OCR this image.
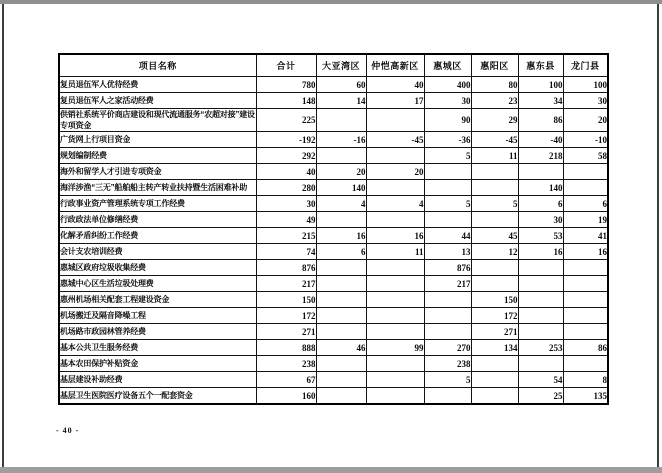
项目名称	合计	大亚湾区	仲恺高新区	惠城区	惠阳区	惠东县	龙门县
复员退伍军人优待经费	780	60	40	400	80	100	100
复员退伍军人之家活动经费	148	14	17	30	23	34	30
供销社系统平价商店建设和现代流通服务“农超对接”建设专项资金	225			90	29	86	20
广货网上行项目资金	-192	-16	-45	-36	-45	-40	-10
规划编制经费	292			5	11	218	58
海外和留学人才引进专项资金	40	20	20				
海洋涉渔“三无”船舶船主转产转业扶持暨生活困难补助	280	140				140	
行政事业资产管理系统专项工作经费	30	4	4	5	5	6	6
行政政法单位修缮经费	49					30	19
化解矛盾纠纷工作经费	215	16	16	44	45	53	41
会计支农培训经费	74	6	11	13	12	16	16
惠城区政府垃圾收集经费	876			876			
惠城中心区生活垃圾处理费	217			217			
惠州机场相关配套工程建设资金	150				150		
机场搬迁及隔音降噪工程	172				172		
机场路市政园林管养经费	271				271		
基本公共卫生服务经费	888	46	99	270	134	253	86
基本农田保护补贴资金	238			238			
基层建设补助经费	67			5		54	8
基层卫生医院医疗设备五个一配套资金	160					25	135
- 40 -
